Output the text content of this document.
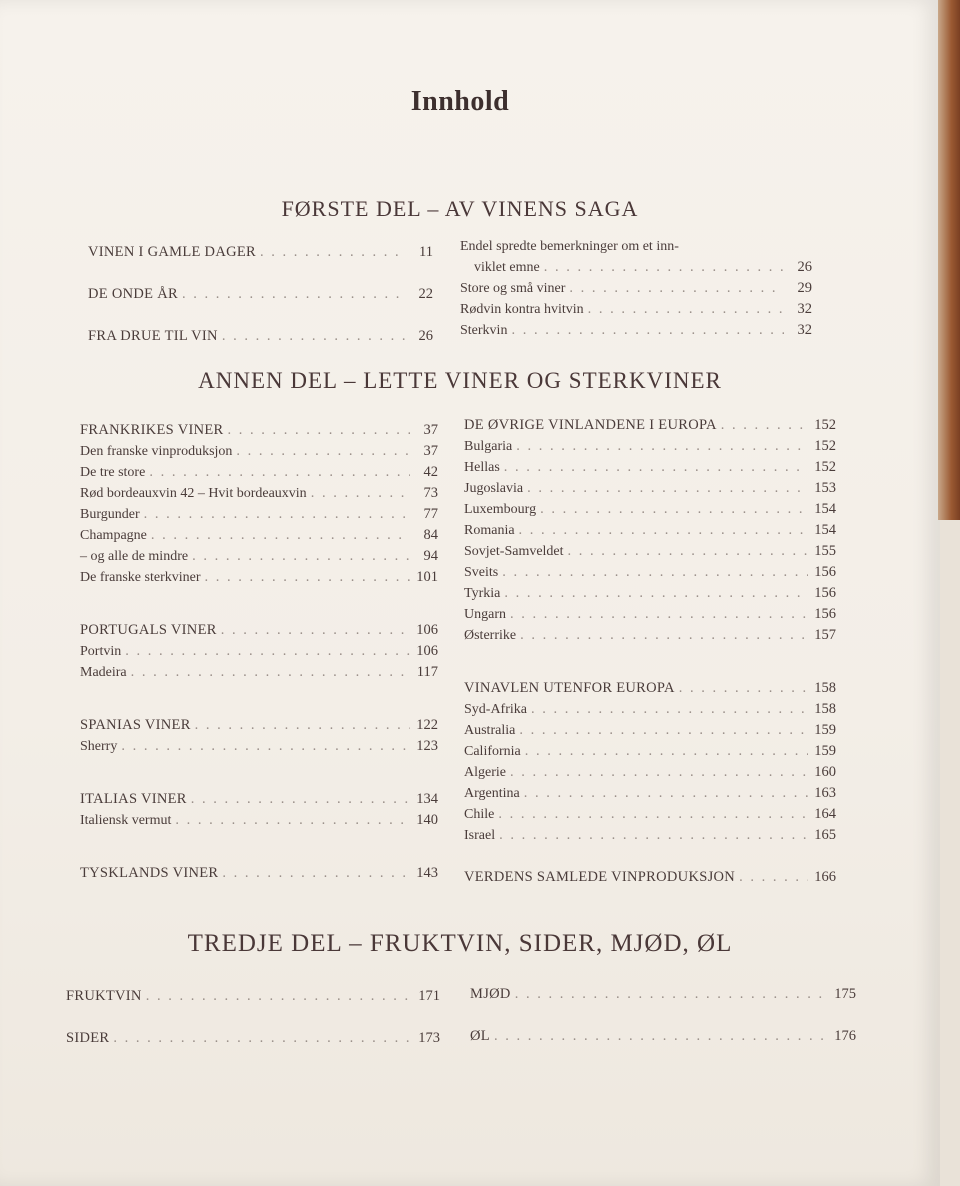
Innhold
FØRSTE DEL – AV VINENS SAGA
VINEN I GAMLE DAGER . . .	11
DE ONDE ÅR . . .	22
FRA DRUE TIL VIN . . .	26
Endel spredte bemerkninger om et inn-
viklet emne . . .	26
Store og små viner . . .	29
Rødvin kontra hvitvin . . .	32
Sterkvin . . .	32
ANNEN DEL – LETTE VINER OG STERKVINER
FRANKRIKES VINER . . .	37
Den franske vinproduksjon . . .	37
De tre store . . .	42
Rød bordeauxvin 42 – Hvit bordeauxvin . . .	73
Burgunder . . .	77
Champagne . . .	84
– og alle de mindre . . .	94
De franske sterkviner . . .	101
PORTUGALS VINER . . .	106
Portvin . . .	106
Madeira . . .	117
SPANIAS VINER . . .	122
Sherry . . .	123
ITALIAS VINER . . .	134
Italiensk vermut . . .	140
TYSKLANDS VINER . . .	143
DE ØVRIGE VINLANDENE I EUROPA . . .	152
Bulgaria . . .	152
Hellas . . .	152
Jugoslavia . . .	153
Luxembourg . . .	154
Romania . . .	154
Sovjet-Samveldet . . .	155
Sveits . . .	156
Tyrkia . . .	156
Ungarn . . .	156
Østerrike . . .	157
VINAVLEN UTENFOR EUROPA . . .	158
Syd-Afrika . . .	158
Australia . . .	159
California . . .	159
Algerie . . .	160
Argentina . . .	163
Chile . . .	164
Israel . . .	165
VERDENS SAMLEDE VINPRODUKSJON . . .	166
TREDJE DEL – FRUKTVIN, SIDER, MJØD, ØL
FRUKTVIN . . .	171
SIDER . . .	173
MJØD . . .	175
ØL . . .	176
